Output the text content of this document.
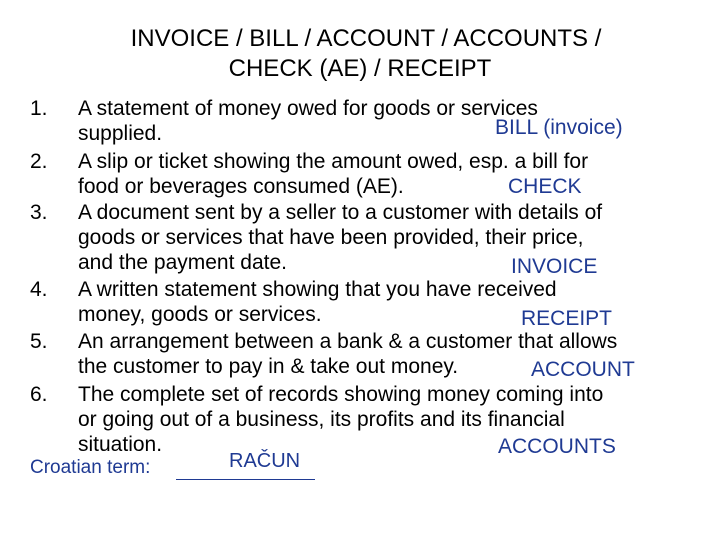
INVOICE / BILL / ACCOUNT / ACCOUNTS /
CHECK (AE) / RECEIPT
1. A statement of money owed for goods or services
supplied.	BILL (invoice)
2. A slip or ticket showing the amount owed, esp. a bill for
food or beverages consumed (AE).	CHECK
3. A document sent by a seller to a customer with details of
goods or services that have been provided, their price,
and the payment date.	INVOICE
4. A written statement showing that you have received
money, goods or services.	RECEIPT
5. An arrangement between a bank & a customer that allows
the customer to pay in & take out money.	ACCOUNT
6. The complete set of records showing money coming into
or going out of a business, its profits and its financial
situation.	ACCOUNTS
Croatian term:	RAČUN
